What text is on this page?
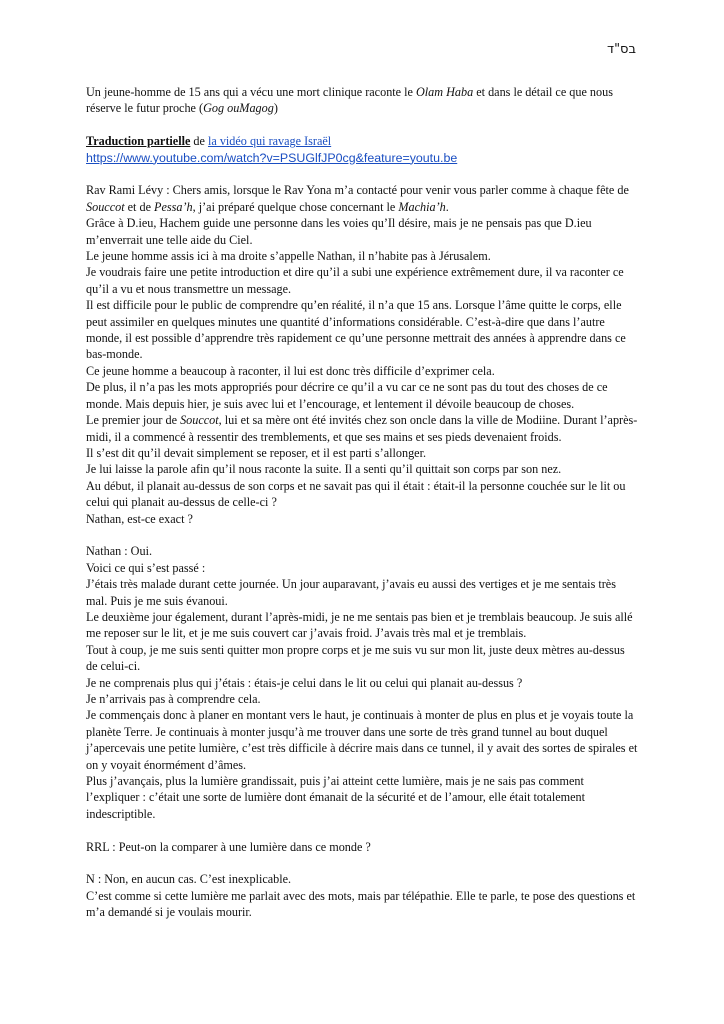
בס"ד

Un jeune-homme de 15 ans qui a vécu une mort clinique raconte le Olam Haba et dans le détail ce que nous réserve le futur proche (Gog ouMagog)

Traduction partielle de la vidéo qui ravage Israël

https://www.youtube.com/watch?v=PSUGlfJP0cg&feature=youtu.be

Rav Rami Lévy : Chers amis, lorsque le Rav Yona m’a contacté pour venir vous parler comme à chaque fête de Souccot et de Pessa’h, j’ai préparé quelque chose concernant le Machia’h.

Grâce à D.ieu, Hachem guide une personne dans les voies qu’Il désire, mais je ne pensais pas que D.ieu m’enverrait une telle aide du Ciel.

Le jeune homme assis ici à ma droite s’appelle Nathan, il n’habite pas à Jérusalem.

Je voudrais faire une petite introduction et dire qu’il a subi une expérience extrêmement dure, il va raconter ce qu’il a vu et nous transmettre un message.

Il est difficile pour le public de comprendre qu’en réalité, il n’a que 15 ans. Lorsque l’âme quitte le corps, elle peut assimiler en quelques minutes une quantité d’informations considérable. C’est-à-dire que dans l’autre monde, il est possible d’apprendre très rapidement ce qu’une personne mettrait des années à apprendre dans ce bas-monde.

Ce jeune homme a beaucoup à raconter, il lui est donc très difficile d’exprimer cela.

De plus, il n’a pas les mots appropriés pour décrire ce qu’il a vu car ce ne sont pas du tout des choses de ce monde. Mais depuis hier, je suis avec lui et l’encourage, et lentement il dévoile beaucoup de choses.

Le premier jour de Souccot, lui et sa mère ont été invités chez son oncle dans la ville de Modiine. Durant l’après-midi, il a commencé à ressentir des tremblements, et que ses mains et ses pieds devenaient froids.

Il s’est dit qu’il devait simplement se reposer, et il est parti s’allonger.

Je lui laisse la parole afin qu’il nous raconte la suite. Il a senti qu’il quittait son corps par son nez.

Au début, il planait au-dessus de son corps et ne savait pas qui il était : était-il la personne couchée sur le lit ou celui qui planait au-dessus de celle-ci ?

Nathan, est-ce exact ?

Nathan : Oui.

Voici ce qui s’est passé :

J’étais très malade durant cette journée. Un jour auparavant, j’avais eu aussi des vertiges et je me sentais très mal. Puis je me suis évanoui.

Le deuxième jour également, durant l’après-midi, je ne me sentais pas bien et je tremblais beaucoup. Je suis allé me reposer sur le lit, et je me suis couvert car j’avais froid. J’avais très mal et je tremblais.

Tout à coup, je me suis senti quitter mon propre corps et je me suis vu sur mon lit, juste deux mètres au-dessus de celui-ci.

Je ne comprenais plus qui j’étais : étais-je celui dans le lit ou celui qui planait au-dessus ?

Je n’arrivais pas à comprendre cela.

Je commençais donc à planer en montant vers le haut, je continuais à monter de plus en plus et je voyais toute la planète Terre. Je continuais à monter jusqu’à me trouver dans une sorte de très grand tunnel au bout duquel j’apercevais une petite lumière, c’est très difficile à décrire mais dans ce tunnel, il y avait des sortes de spirales et on y voyait énormément d’âmes.

Plus j’avançais, plus la lumière grandissait, puis j’ai atteint cette lumière, mais je ne sais pas comment l’expliquer : c’était une sorte de lumière dont émanait de la sécurité et de l’amour, elle était totalement indescriptible.

RRL : Peut-on la comparer à une lumière dans ce monde ?

N : Non, en aucun cas. C’est inexplicable.

C’est comme si cette lumière me parlait avec des mots, mais par télépathie. Elle te parle, te pose des questions et m’a demandé si je voulais mourir.
